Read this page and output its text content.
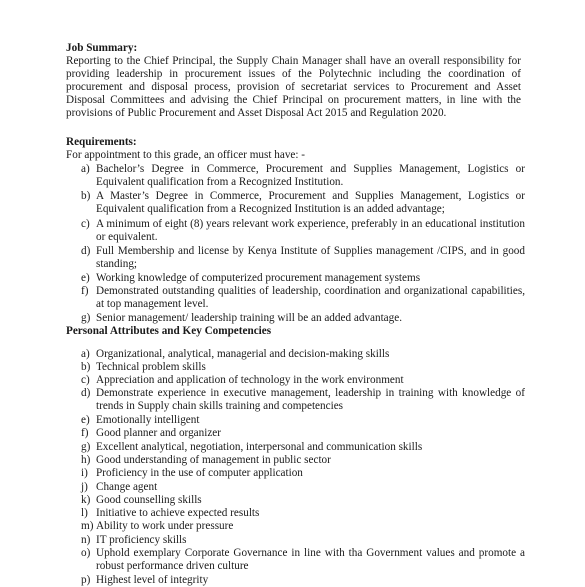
Job Summary:
Reporting to the Chief Principal, the Supply Chain Manager shall have an overall responsibility for providing leadership in procurement issues of the Polytechnic including the coordination of procurement and disposal process, provision of secretariat services to Procurement and Asset Disposal Committees and advising the Chief Principal on procurement matters, in line with the provisions of Public Procurement and Asset Disposal Act 2015 and Regulation 2020.
Requirements:
For appointment to this grade, an officer must have: -
a) Bachelor’s Degree in Commerce, Procurement and Supplies Management, Logistics or Equivalent qualification from a Recognized Institution.
b) A Master’s Degree in Commerce, Procurement and Supplies Management, Logistics or Equivalent qualification from a Recognized Institution is an added advantage;
c) A minimum of eight (8) years relevant work experience, preferably in an educational institution or equivalent.
d) Full Membership and license by Kenya Institute of Supplies management /CIPS, and in good standing;
e) Working knowledge of computerized procurement management systems
f) Demonstrated outstanding qualities of leadership, coordination and organizational capabilities, at top management level.
g) Senior management/ leadership training will be an added advantage.
Personal Attributes and Key Competencies
a) Organizational, analytical, managerial and decision-making skills
b) Technical problem skills
c) Appreciation and application of technology in the work environment
d) Demonstrate experience in executive management, leadership in training with knowledge of trends in Supply chain skills training and competencies
e) Emotionally intelligent
f) Good planner and organizer
g) Excellent analytical, negotiation, interpersonal and communication skills
h) Good understanding of management in public sector
i) Proficiency in the use of computer application
j) Change agent
k) Good counselling skills
l) Initiative to achieve expected results
m) Ability to work under pressure
n) IT proficiency skills
o) Uphold exemplary Corporate Governance in line with tha Government values and promote a robust performance driven culture
p) Highest level of integrity
